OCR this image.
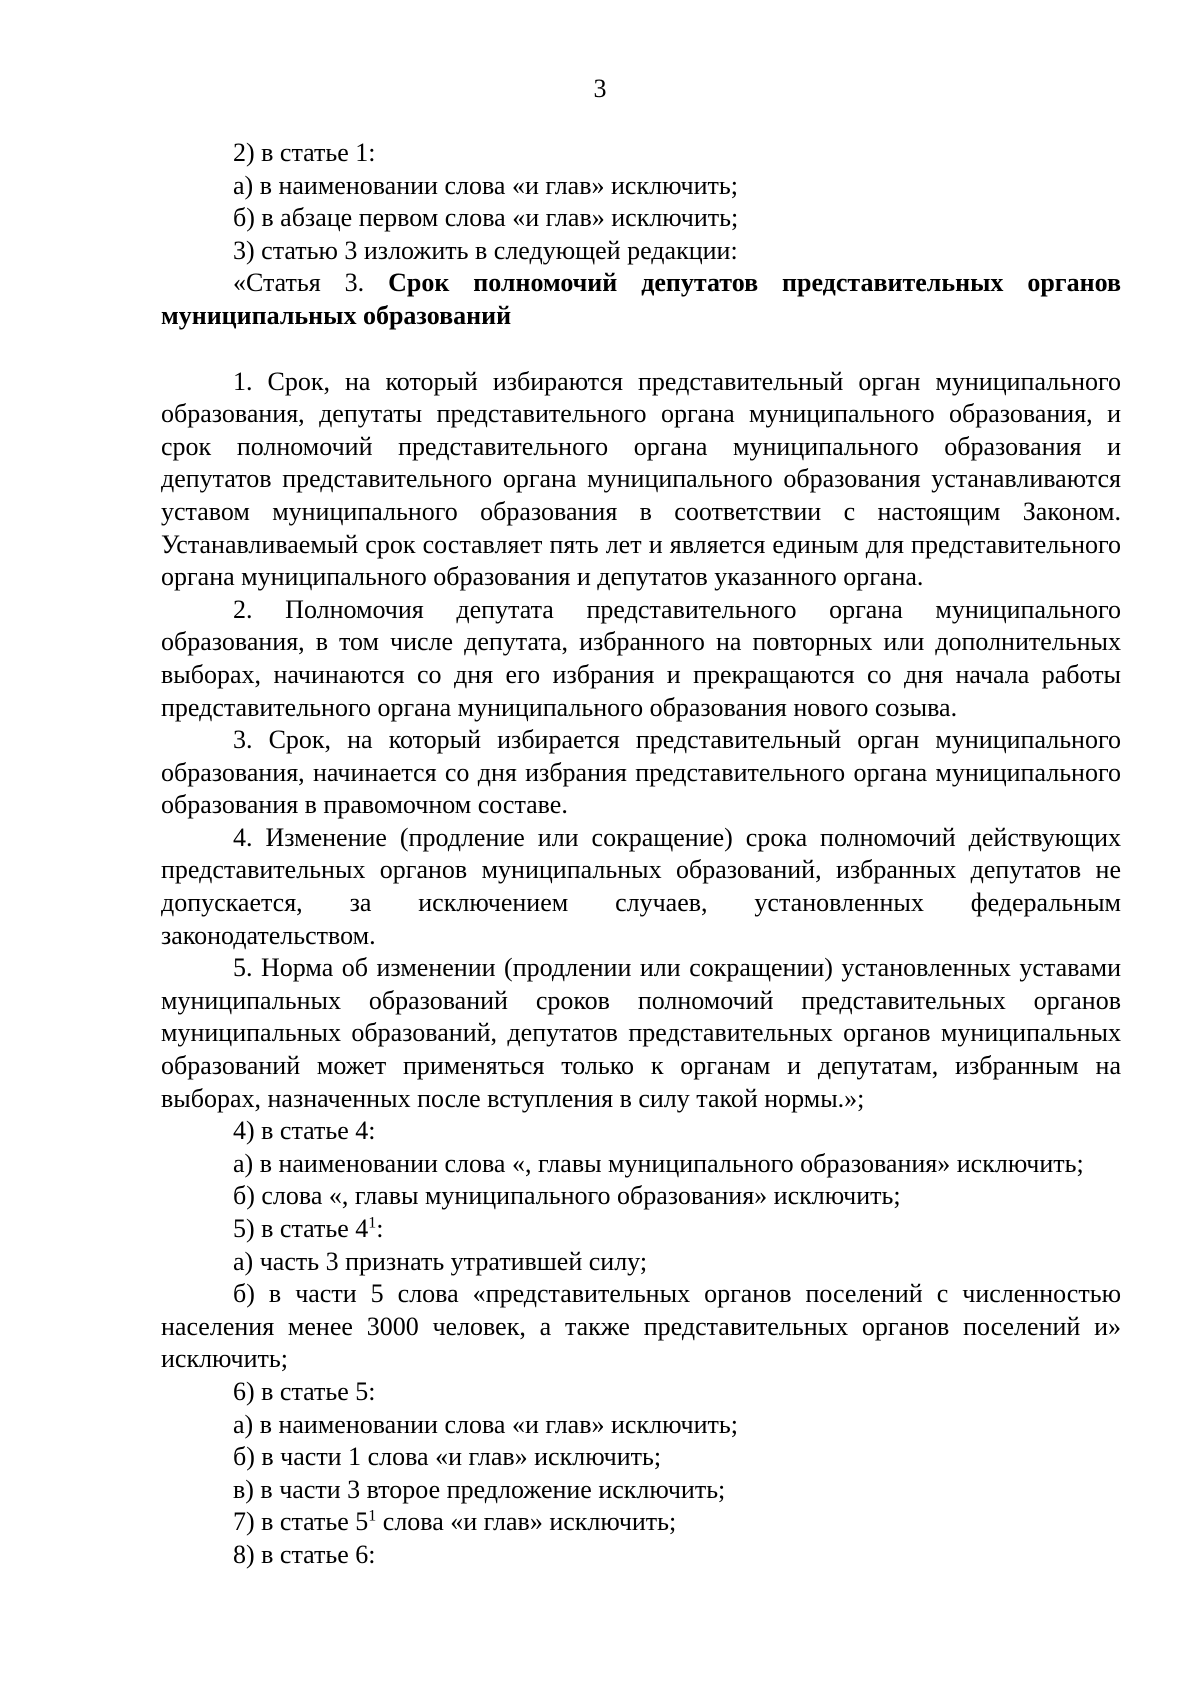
3

2) в статье 1:

а) в наименовании слова «и глав» исключить;

б) в абзаце первом слова «и глав» исключить;

3) статью 3 изложить в следующей редакции:

«Статья 3. Срок полномочий депутатов представительных органов муниципальных образований

1. Срок, на который избираются представительный орган муниципального образования, депутаты представительного органа муниципального образования, и срок полномочий представительного органа муниципального образования и депутатов представительного органа муниципального образования устанавливаются уставом муниципального образования в соответствии с настоящим Законом. Устанавливаемый срок составляет пять лет и является единым для представительного органа муниципального образования и депутатов указанного органа.

2. Полномочия депутата представительного органа муниципального образования, в том числе депутата, избранного на повторных или дополнительных выборах, начинаются со дня его избрания и прекращаются со дня начала работы представительного органа муниципального образования нового созыва.

3. Срок, на который избирается представительный орган муниципального образования, начинается со дня избрания представительного органа муниципального образования в правомочном составе.

4. Изменение (продление или сокращение) срока полномочий действующих представительных органов муниципальных образований, избранных депутатов не допускается, за исключением случаев, установленных федеральным законодательством.

5. Норма об изменении (продлении или сокращении) установленных уставами муниципальных образований сроков полномочий представительных органов муниципальных образований, депутатов представительных органов муниципальных образований может применяться только к органам и депутатам, избранным на выборах, назначенных после вступления в силу такой нормы.»;

4) в статье 4:

а) в наименовании слова «, главы муниципального образования» исключить;

б) слова «, главы муниципального образования» исключить;

5) в статье $4^1$:

а) часть 3 признать утратившей силу;

б) в части 5 слова «представительных органов поселений с численностью населения менее 3000 человек, а также представительных органов поселений и» исключить;

6) в статье 5:

а) в наименовании слова «и глав» исключить;

б) в части 1 слова «и глав» исключить;

в) в части 3 второе предложение исключить;

7) в статье $5^1$ слова «и глав» исключить;

8) в статье 6:
